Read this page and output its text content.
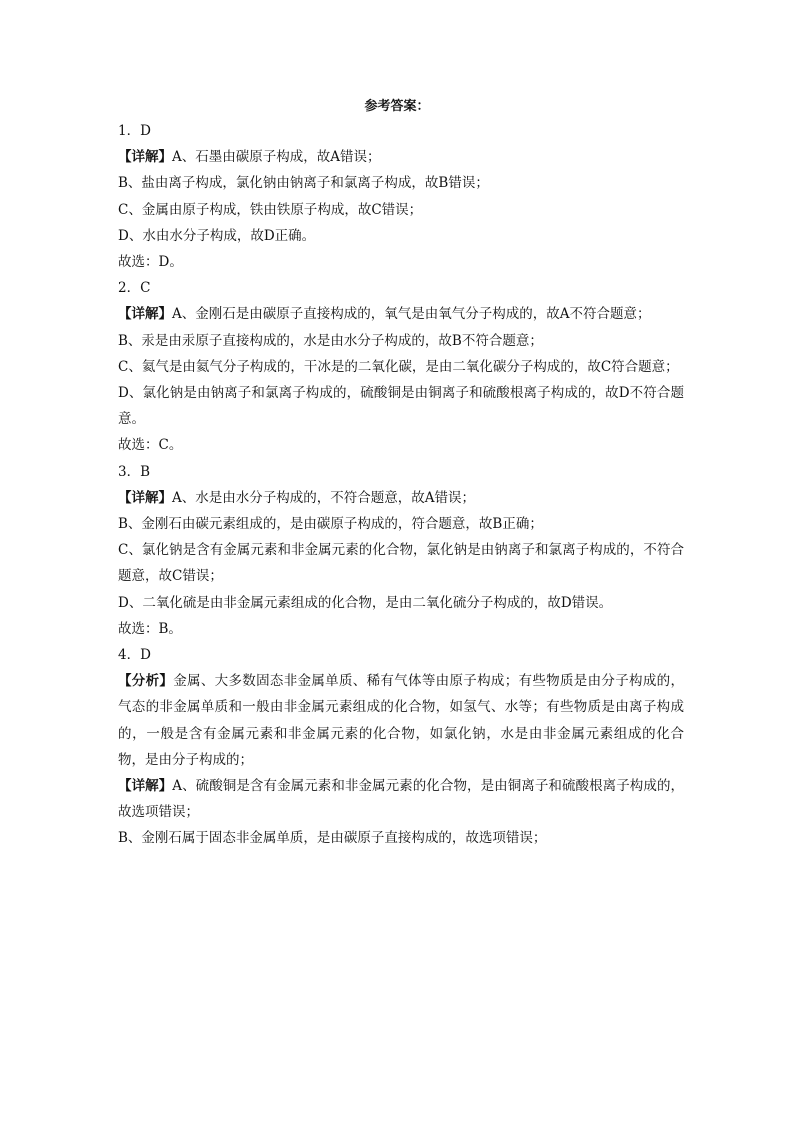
参考答案：
1．D
【详解】A、石墨由碳原子构成，故A错误；
B、盐由离子构成，氯化钠由钠离子和氯离子构成，故B错误；
C、金属由原子构成，铁由铁原子构成，故C错误；
D、水由水分子构成，故D正确。
故选：D。
2．C
【详解】A、金刚石是由碳原子直接构成的，氧气是由氧气分子构成的，故A不符合题意；
B、汞是由汞原子直接构成的，水是由水分子构成的，故B不符合题意；
C、氦气是由氦气分子构成的，干冰是的二氧化碳，是由二氧化碳分子构成的，故C符合题意；
D、氯化钠是由钠离子和氯离子构成的，硫酸铜是由铜离子和硫酸根离子构成的，故D不符合题意。
故选：C。
3．B
【详解】A、水是由水分子构成的，不符合题意，故A错误；
B、金刚石由碳元素组成的，是由碳原子构成的，符合题意，故B正确；
C、氯化钠是含有金属元素和非金属元素的化合物，氯化钠是由钠离子和氯离子构成的，不符合题意，故C错误；
D、二氧化硫是由非金属元素组成的化合物，是由二氧化硫分子构成的，故D错误。
故选：B。
4．D
【分析】金属、大多数固态非金属单质、稀有气体等由原子构成；有些物质是由分子构成的，气态的非金属单质和一般由非金属元素组成的化合物，如氢气、水等；有些物质是由离子构成的，一般是含有金属元素和非金属元素的化合物，如氯化钠，水是由非金属元素组成的化合物，是由分子构成的；
【详解】A、硫酸铜是含有金属元素和非金属元素的化合物，是由铜离子和硫酸根离子构成的，故选项错误；
B、金刚石属于固态非金属单质，是由碳原子直接构成的，故选项错误；
